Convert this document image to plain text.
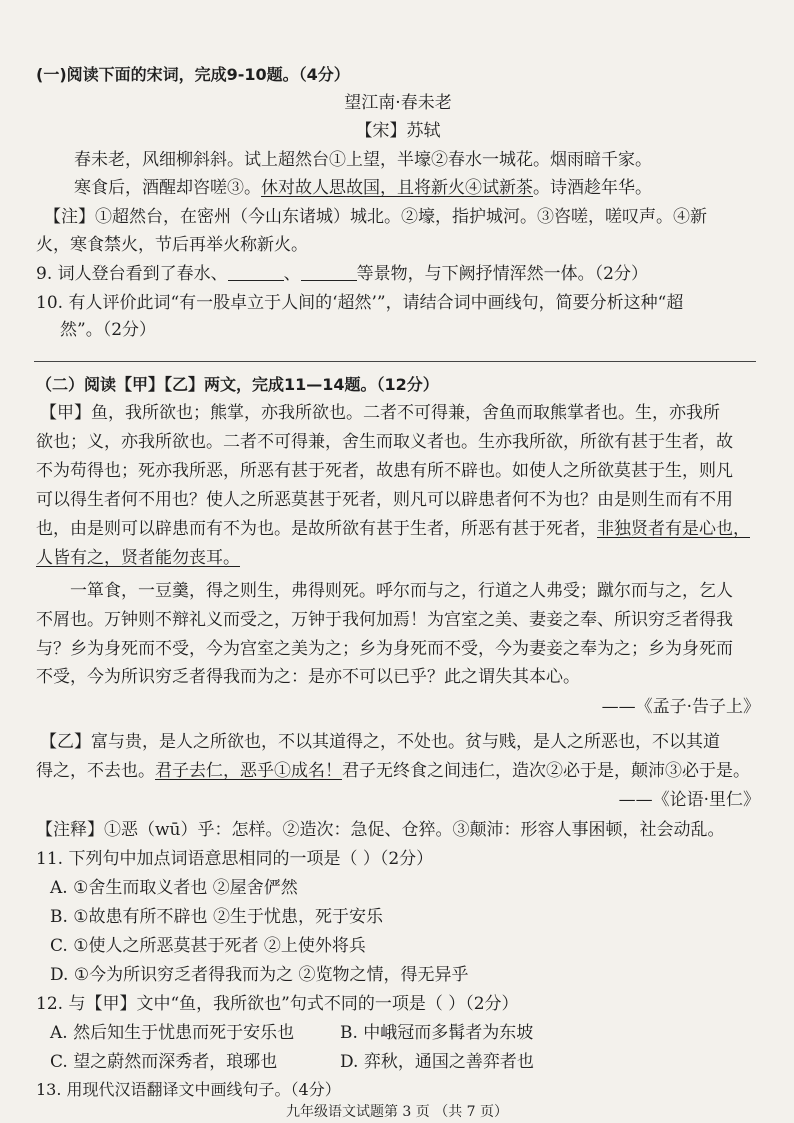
(一)阅读下面的宋词，完成9-10题。（4分）
望江南·春未老
【宋】苏轼
春未老，风细柳斜斜。试上超然台①上望，半壕②春水一城花。烟雨暗千家。
寒食后，酒醒却咨嗟③。休对故人思故国，且将新火④试新茶。诗酒趁年华。
【注】①超然台，在密州（今山东诸城）城北。②壕，指护城河。③咨嗟，嗟叹声。④新
火，寒食禁火，节后再举火称新火。
9. 词人登台看到了春水、	、	等景物，与下阙抒情浑然一体。（2分）
10. 有人评价此词“有一股卓立于人间的‘超然’”，请结合词中画线句，简要分析这种“超
然”。（2分）
（二）阅读【甲】【乙】两文，完成11—14题。（12分）
【甲】鱼，我所欲也；熊掌，亦我所欲也。二者不可得兼，舍鱼而取熊掌者也。生，亦我所
欲也；义，亦我所欲也。二者不可得兼，舍生而取义者也。生亦我所欲，所欲有甚于生者，故
不为苟得也；死亦我所恶，所恶有甚于死者，故患有所不辟也。如使人之所欲莫甚于生，则凡
可以得生者何不用也？使人之所恶莫甚于死者，则凡可以辟患者何不为也？由是则生而有不用
也，由是则可以辟患而有不为也。是故所欲有甚于生者，所恶有甚于死者，非独贤者有是心也，
人皆有之，贤者能勿丧耳。
一箪食，一豆羹，得之则生，弗得则死。呼尔而与之，行道之人弗受；蹴尔而与之，乞人
不屑也。万钟则不辩礼义而受之，万钟于我何加焉！为宫室之美、妻妾之奉、所识穷乏者得我
与？乡为身死而不受，今为宫室之美为之；乡为身死而不受，今为妻妾之奉为之；乡为身死而
不受，今为所识穷乏者得我而为之：是亦不可以已乎？此之谓失其本心。
——《孟子·告子上》
【乙】富与贵，是人之所欲也，不以其道得之，不处也。贫与贱，是人之所恶也，不以其道
得之，不去也。君子去仁，恶乎①成名！君子无终食之间违仁，造次②必于是，颠沛③必于是。
——《论语·里仁》
【注释】①恶（wū）乎：怎样。②造次：急促、仓猝。③颠沛：形容人事困顿，社会动乱。
11. 下列句中加点词语意思相同的一项是（ ）（2分）
A. ①舍生而取义者也 ②屋舍俨然
B. ①故患有所不辟也 ②生于忧患，死于安乐
C. ①使人之所恶莫甚于死者 ②上使外将兵
D. ①今为所识穷乏者得我而为之 ②览物之情，得无异乎
12. 与【甲】文中“鱼，我所欲也”句式不同的一项是（ ）（2分）
A. 然后知生于忧患而死于安乐也	B. 中峨冠而多髯者为东坡
C. 望之蔚然而深秀者，琅琊也	D. 弈秋，通国之善弈者也
13. 用现代汉语翻译文中画线句子。（4分）
九年级语文试题第 3 页 （共 7 页）
